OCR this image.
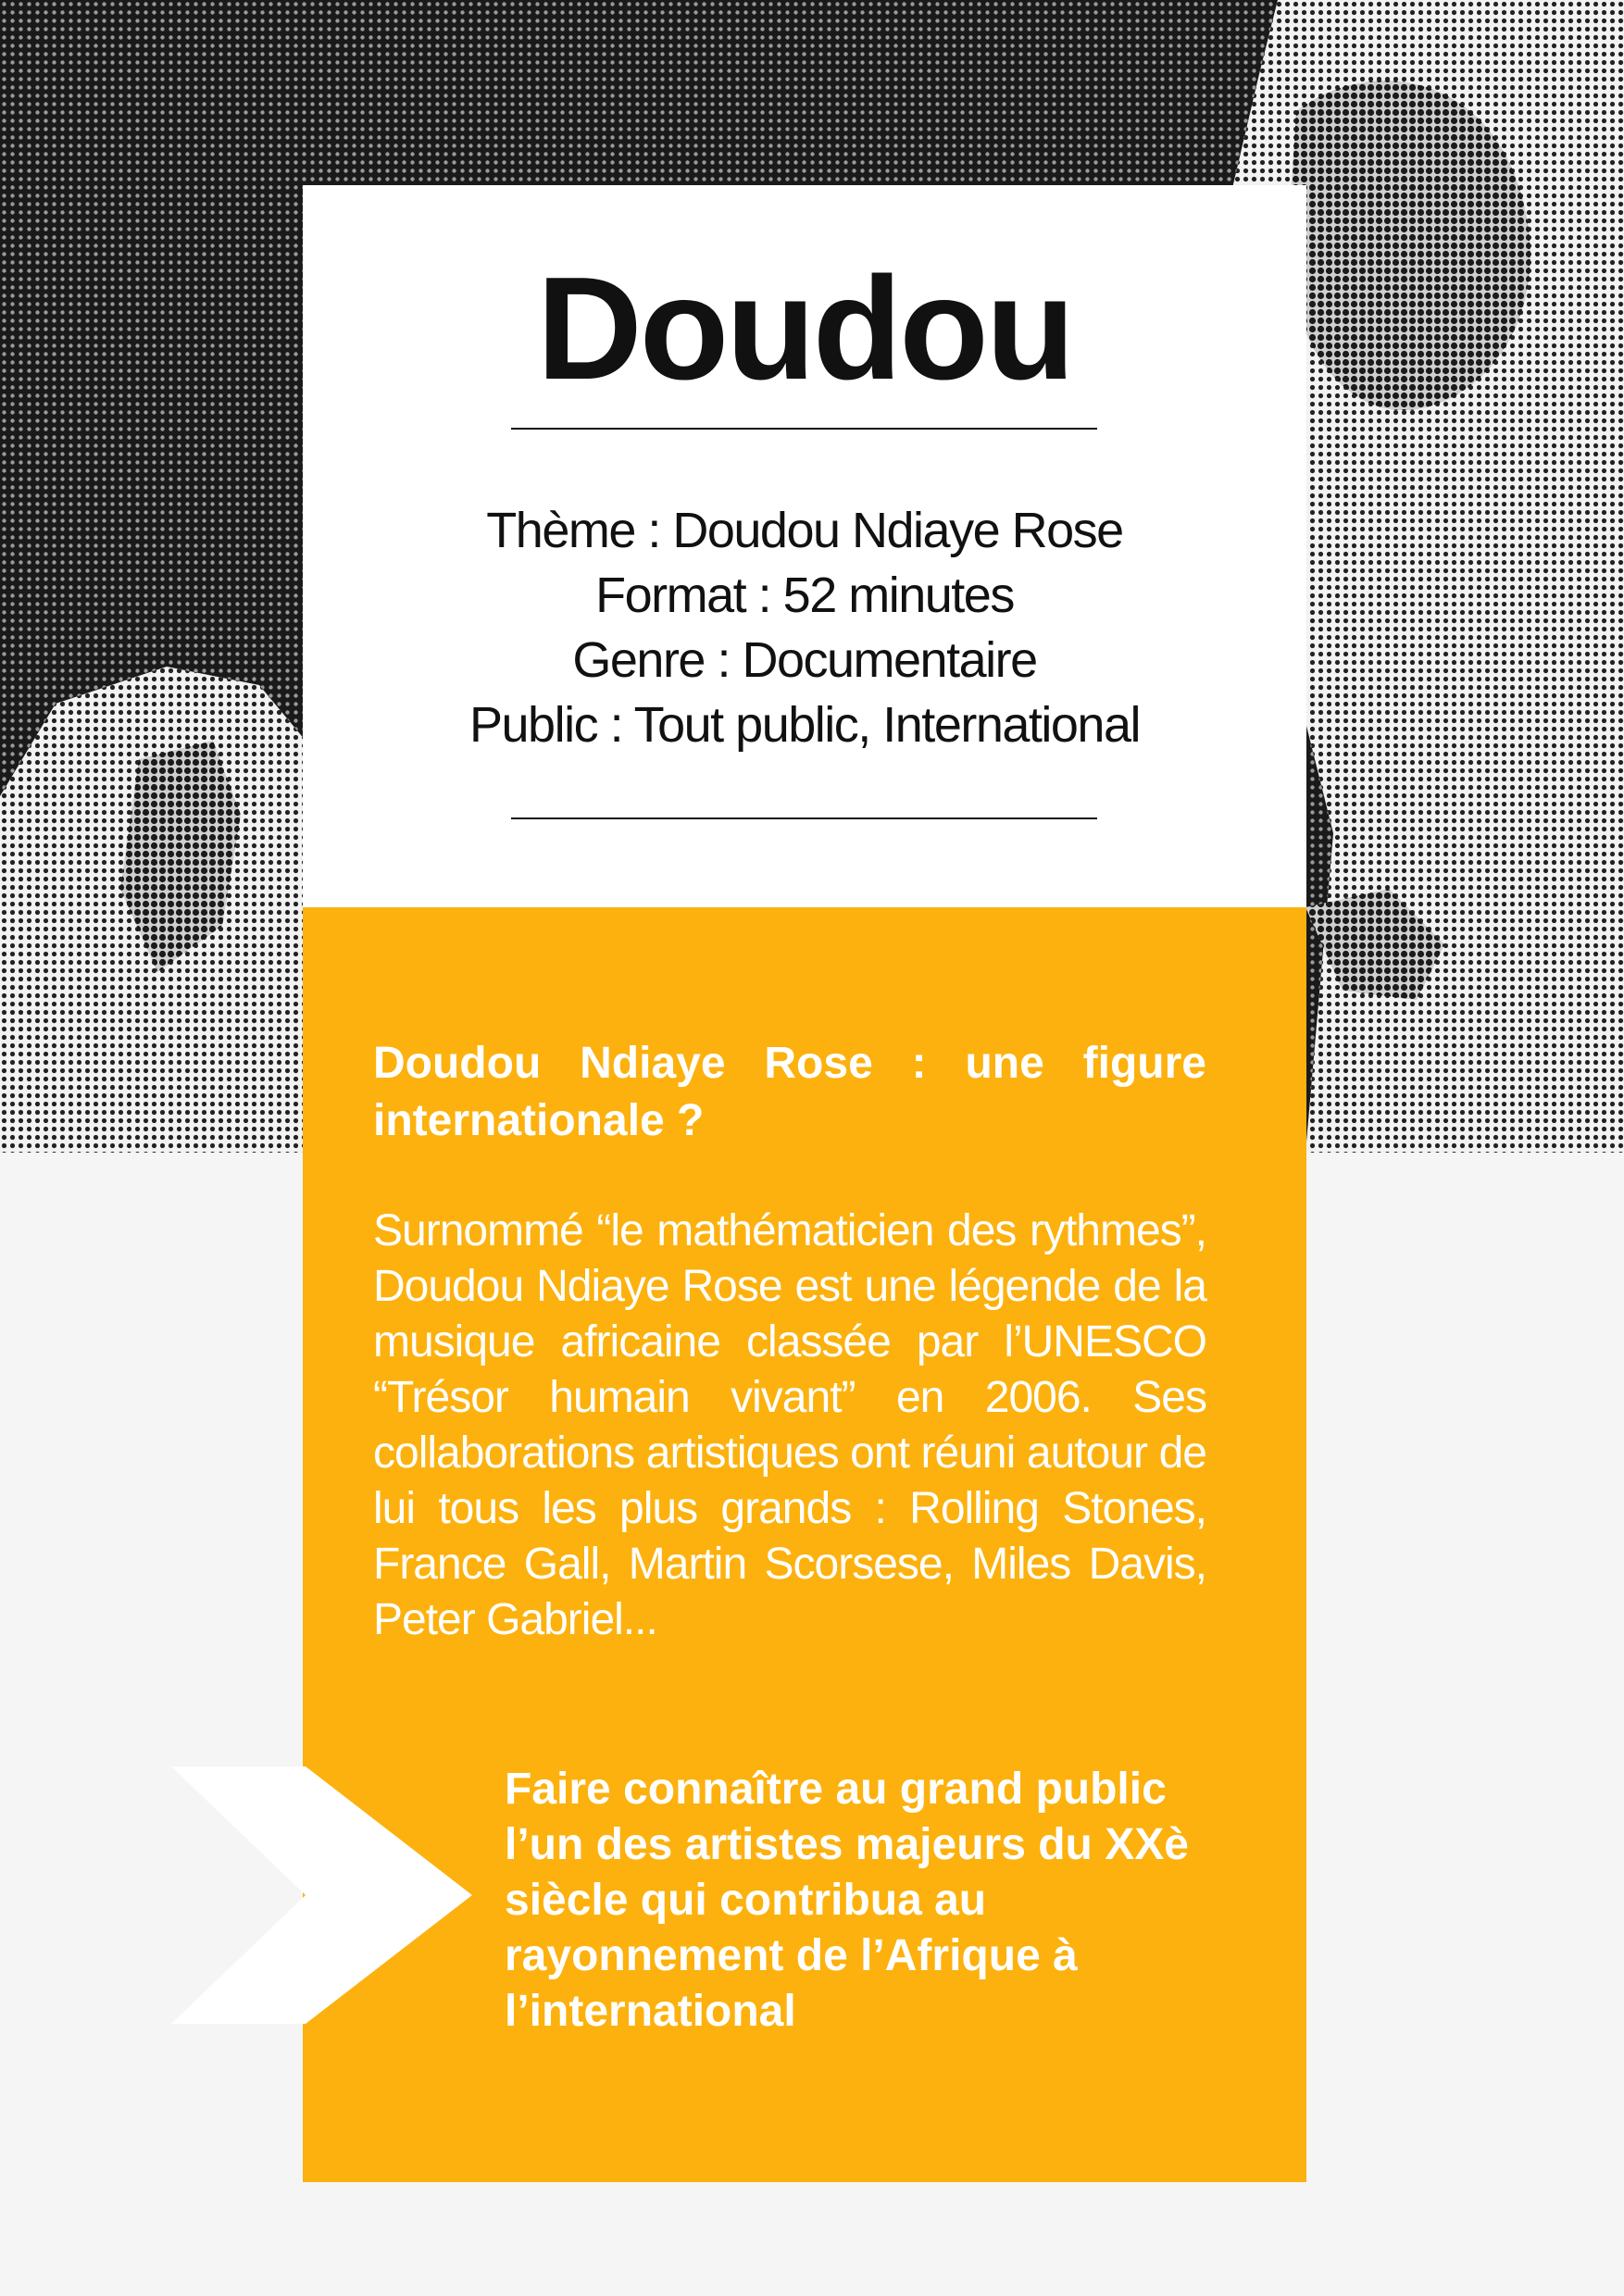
Doudou
Thème : Doudou Ndiaye Rose
Format : 52 minutes
Genre : Documentaire
Public : Tout public, International
Doudou Ndiaye Rose : une figure internationale ?
Surnommé “le mathématicien des rythmes”, Doudou Ndiaye Rose est une légende de la musique africaine classée par l’UNESCO “Trésor humain vivant” en 2006. Ses collaborations artistiques ont réuni autour de lui tous les plus grands : Rolling Stones, France Gall, Martin Scorsese, Miles Davis, Peter Gabriel...
Faire connaître au grand public l’un des artistes majeurs du XXè siècle qui contribua au rayonnement de l’Afrique à l’international
